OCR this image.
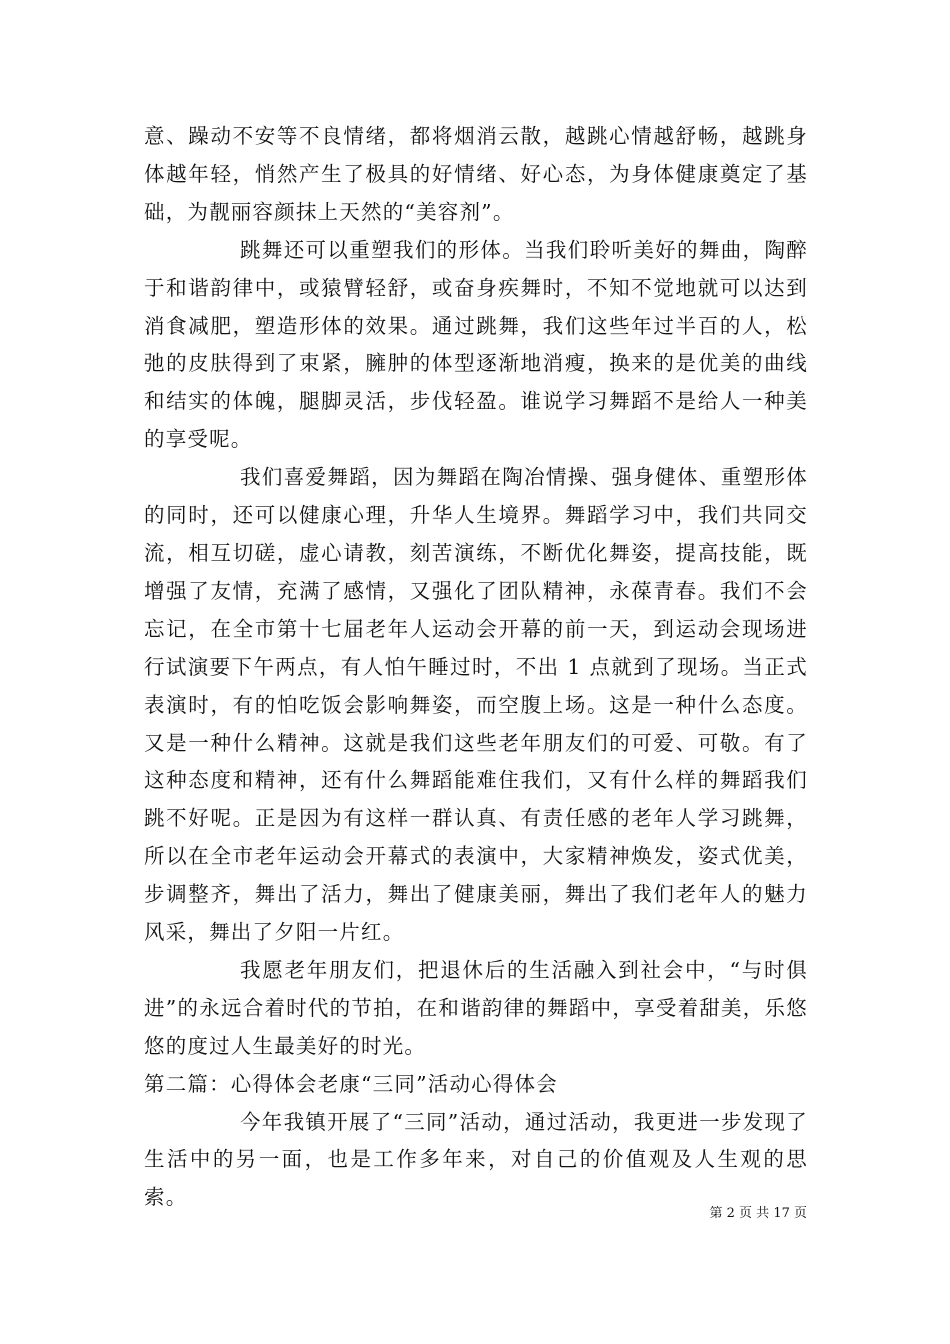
意、躁动不安等不良情绪，都将烟消云散，越跳心情越舒畅，越跳身体越年轻，悄然产生了极具的好情绪、好心态，为身体健康奠定了基础，为靓丽容颜抹上天然的“美容剂”。

跳舞还可以重塑我们的形体。当我们聆听美好的舞曲，陶醉于和谐韵律中，或猿臂轻舒，或奋身疾舞时，不知不觉地就可以达到消食减肥，塑造形体的效果。通过跳舞，我们这些年过半百的人，松弛的皮肤得到了束紧，臃肿的体型逐渐地消瘦，换来的是优美的曲线和结实的体魄，腿脚灵活，步伐轻盈。谁说学习舞蹈不是给人一种美的享受呢。

我们喜爱舞蹈，因为舞蹈在陶冶情操、强身健体、重塑形体的同时，还可以健康心理，升华人生境界。舞蹈学习中，我们共同交流，相互切磋，虚心请教，刻苦演练，不断优化舞姿，提高技能，既增强了友情，充满了感情，又强化了团队精神，永葆青春。我们不会忘记，在全市第十七届老年人运动会开幕的前一天，到运动会现场进行试演要下午两点，有人怕午睡过时，不出 1 点就到了现场。当正式表演时，有的怕吃饭会影响舞姿，而空腹上场。这是一种什么态度。又是一种什么精神。这就是我们这些老年朋友们的可爱、可敬。有了这种态度和精神，还有什么舞蹈能难住我们，又有什么样的舞蹈我们跳不好呢。正是因为有这样一群认真、有责任感的老年人学习跳舞，所以在全市老年运动会开幕式的表演中，大家精神焕发，姿式优美，步调整齐，舞出了活力，舞出了健康美丽，舞出了我们老年人的魅力风采，舞出了夕阳一片红。

我愿老年朋友们，把退休后的生活融入到社会中，“与时俱进”的永远合着时代的节拍，在和谐韵律的舞蹈中，享受着甜美，乐悠悠的度过人生最美好的时光。

第二篇：心得体会老康“三同”活动心得体会

今年我镇开展了“三同”活动，通过活动，我更进一步发现了生活中的另一面，也是工作多年来，对自己的价值观及人生观的思索。

第 2 页 共 17 页
